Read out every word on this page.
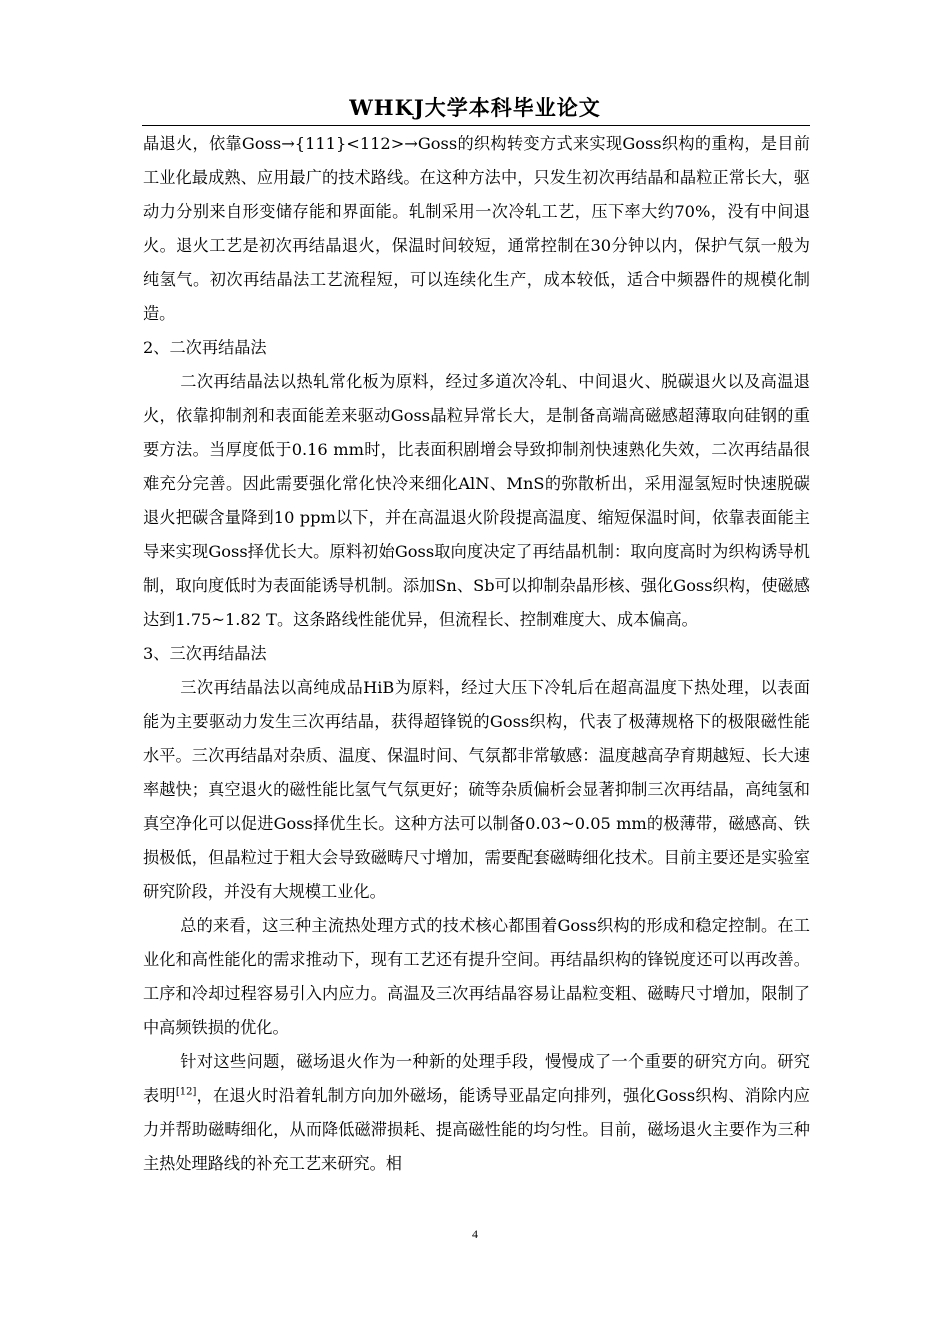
WHKJ大学本科毕业论文

晶退火，依靠Goss→{111}<112>→Goss的织构转变方式来实现Goss织构的重构，是目前工业化最成熟、应用最广的技术路线。在这种方法中，只发生初次再结晶和晶粒正常长大，驱动力分别来自形变储存能和界面能。轧制采用一次冷轧工艺，压下率大约70%，没有中间退火。退火工艺是初次再结晶退火，保温时间较短，通常控制在30分钟以内，保护气氛一般为纯氢气。初次再结晶法工艺流程短，可以连续化生产，成本较低，适合中频器件的规模化制造。

2、二次再结晶法

二次再结晶法以热轧常化板为原料，经过多道次冷轧、中间退火、脱碳退火以及高温退火，依靠抑制剂和表面能差来驱动Goss晶粒异常长大，是制备高端高磁感超薄取向硅钢的重要方法。当厚度低于0.16 mm时，比表面积剧增会导致抑制剂快速熟化失效，二次再结晶很难充分完善。因此需要强化常化快冷来细化AlN、MnS的弥散析出，采用湿氢短时快速脱碳退火把碳含量降到10 ppm以下，并在高温退火阶段提高温度、缩短保温时间，依靠表面能主导来实现Goss择优长大。原料初始Goss取向度决定了再结晶机制：取向度高时为织构诱导机制，取向度低时为表面能诱导机制。添加Sn、Sb可以抑制杂晶形核、强化Goss织构，使磁感达到1.75~1.82 T。这条路线性能优异，但流程长、控制难度大、成本偏高。

3、三次再结晶法

三次再结晶法以高纯成品HiB为原料，经过大压下冷轧后在超高温度下热处理，以表面能为主要驱动力发生三次再结晶，获得超锋锐的Goss织构，代表了极薄规格下的极限磁性能水平。三次再结晶对杂质、温度、保温时间、气氛都非常敏感：温度越高孕育期越短、长大速率越快；真空退火的磁性能比氢气气氛更好；硫等杂质偏析会显著抑制三次再结晶，高纯氢和真空净化可以促进Goss择优生长。这种方法可以制备0.03~0.05 mm的极薄带，磁感高、铁损极低，但晶粒过于粗大会导致磁畴尺寸增加，需要配套磁畴细化技术。目前主要还是实验室研究阶段，并没有大规模工业化。

总的来看，这三种主流热处理方式的技术核心都围着Goss织构的形成和稳定控制。在工业化和高性能化的需求推动下，现有工艺还有提升空间。再结晶织构的锋锐度还可以再改善。工序和冷却过程容易引入内应力。高温及三次再结晶容易让晶粒变粗、磁畴尺寸增加，限制了中高频铁损的优化。

针对这些问题，磁场退火作为一种新的处理手段，慢慢成了一个重要的研究方向。研究表明[12]，在退火时沿着轧制方向加外磁场，能诱导亚晶定向排列，强化Goss织构、消除内应力并帮助磁畴细化，从而降低磁滞损耗、提高磁性能的均匀性。目前，磁场退火主要作为三种主热处理路线的补充工艺来研究。相

4
